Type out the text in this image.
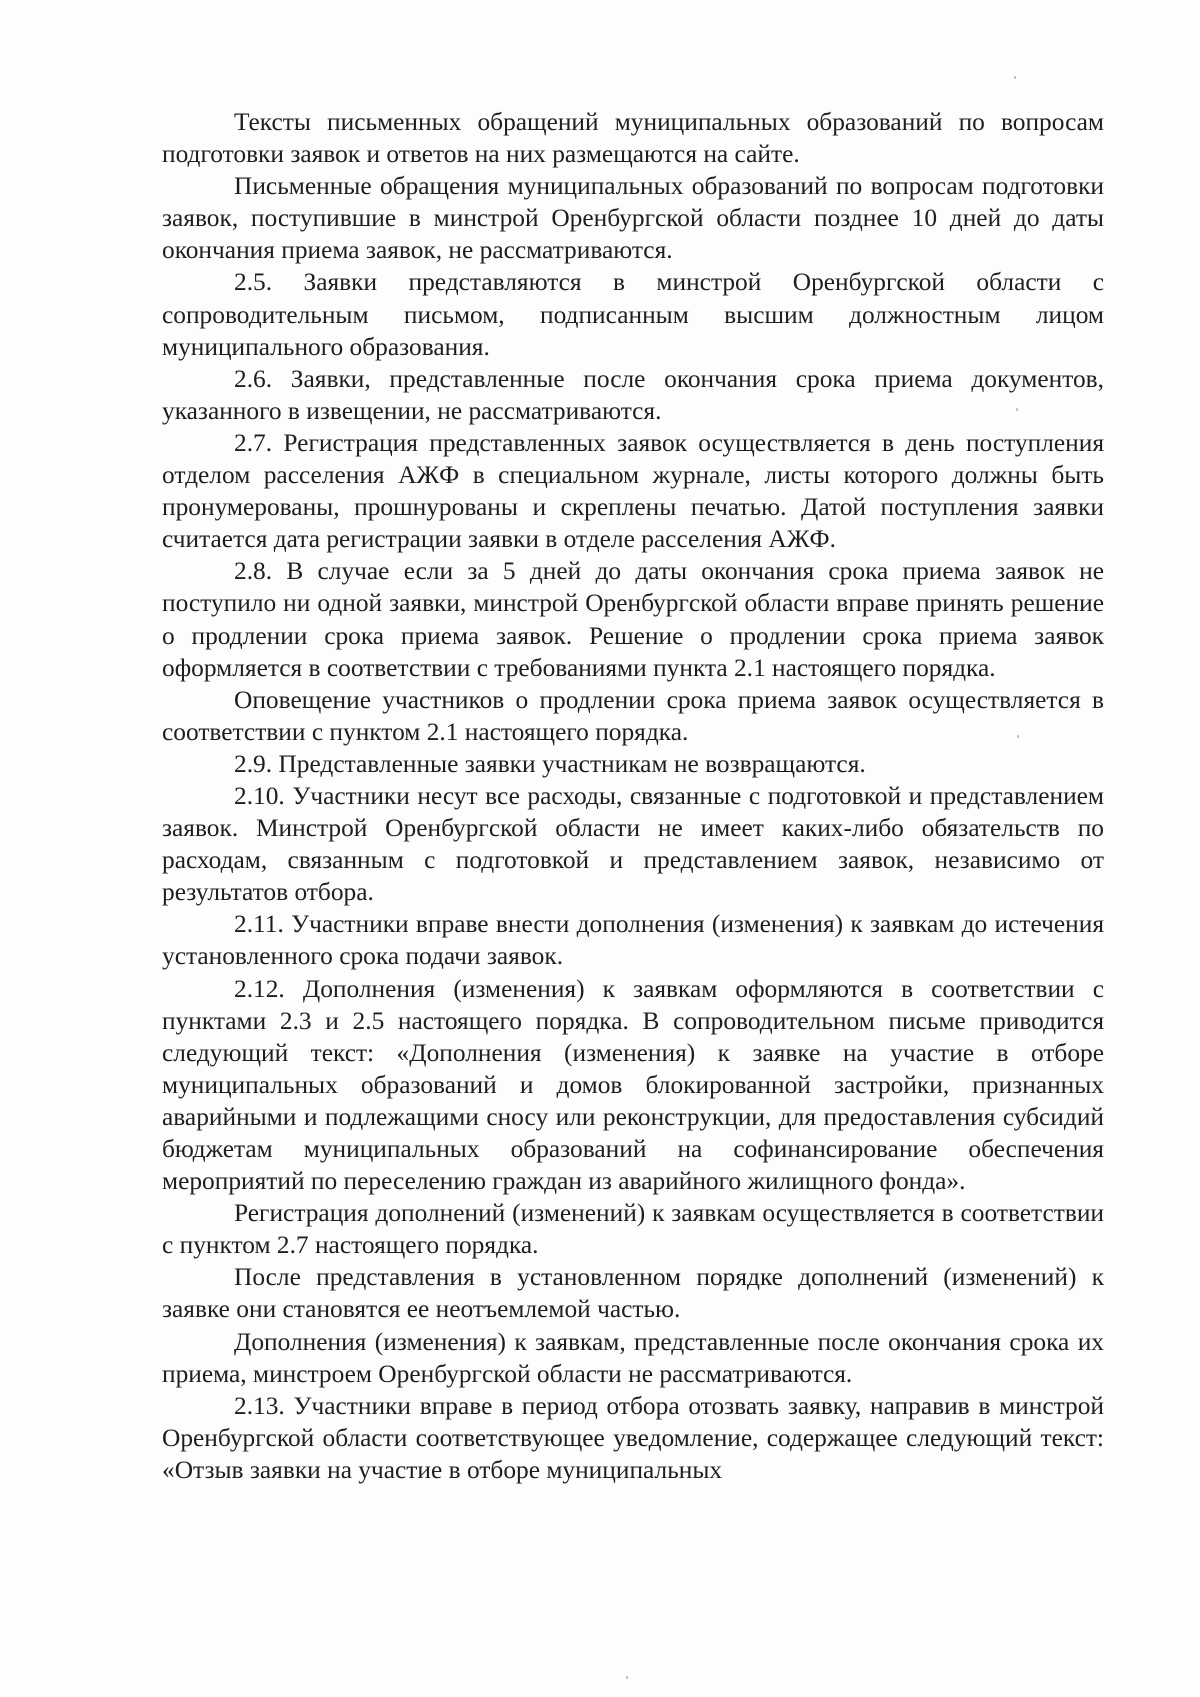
Тексты письменных обращений муниципальных образований по вопросам подготовки заявок и ответов на них размещаются на сайте.

Письменные обращения муниципальных образований по вопросам подготовки заявок, поступившие в минстрой Оренбургской области позднее 10 дней до даты окончания приема заявок, не рассматриваются.

2.5. Заявки представляются в минстрой Оренбургской области с сопроводительным письмом, подписанным высшим должностным лицом муниципального образования.

2.6. Заявки, представленные после окончания срока приема документов, указанного в извещении, не рассматриваются.

2.7. Регистрация представленных заявок осуществляется в день поступления отделом расселения АЖФ в специальном журнале, листы которого должны быть пронумерованы, прошнурованы и скреплены печатью. Датой поступления заявки считается дата регистрации заявки в отделе расселения АЖФ.

2.8. В случае если за 5 дней до даты окончания срока приема заявок не поступило ни одной заявки, минстрой Оренбургской области вправе принять решение о продлении срока приема заявок. Решение о продлении срока приема заявок оформляется в соответствии с требованиями пункта 2.1 настоящего порядка.

Оповещение участников о продлении срока приема заявок осуществляется в соответствии с пунктом 2.1 настоящего порядка.

2.9. Представленные заявки участникам не возвращаются.

2.10. Участники несут все расходы, связанные с подготовкой и представлением заявок. Минстрой Оренбургской области не имеет каких-либо обязательств по расходам, связанным с подготовкой и представлением заявок, независимо от результатов отбора.

2.11. Участники вправе внести дополнения (изменения) к заявкам до истечения установленного срока подачи заявок.

2.12. Дополнения (изменения) к заявкам оформляются в соответствии с пунктами 2.3 и 2.5 настоящего порядка. В сопроводительном письме приводится следующий текст: «Дополнения (изменения) к заявке на участие в отборе муниципальных образований и домов блокированной застройки, признанных аварийными и подлежащими сносу или реконструкции, для предоставления субсидий бюджетам муниципальных образований на софинансирование обеспечения мероприятий по переселению граждан из аварийного жилищного фонда».

Регистрация дополнений (изменений) к заявкам осуществляется в соответствии с пунктом 2.7 настоящего порядка.

После представления в установленном порядке дополнений (изменений) к заявке они становятся ее неотъемлемой частью.

Дополнения (изменения) к заявкам, представленные после окончания срока их приема, минстроем Оренбургской области не рассматриваются.

2.13. Участники вправе в период отбора отозвать заявку, направив в минстрой Оренбургской области соответствующее уведомление, содержащее следующий текст: «Отзыв заявки на участие в отборе муниципальных
